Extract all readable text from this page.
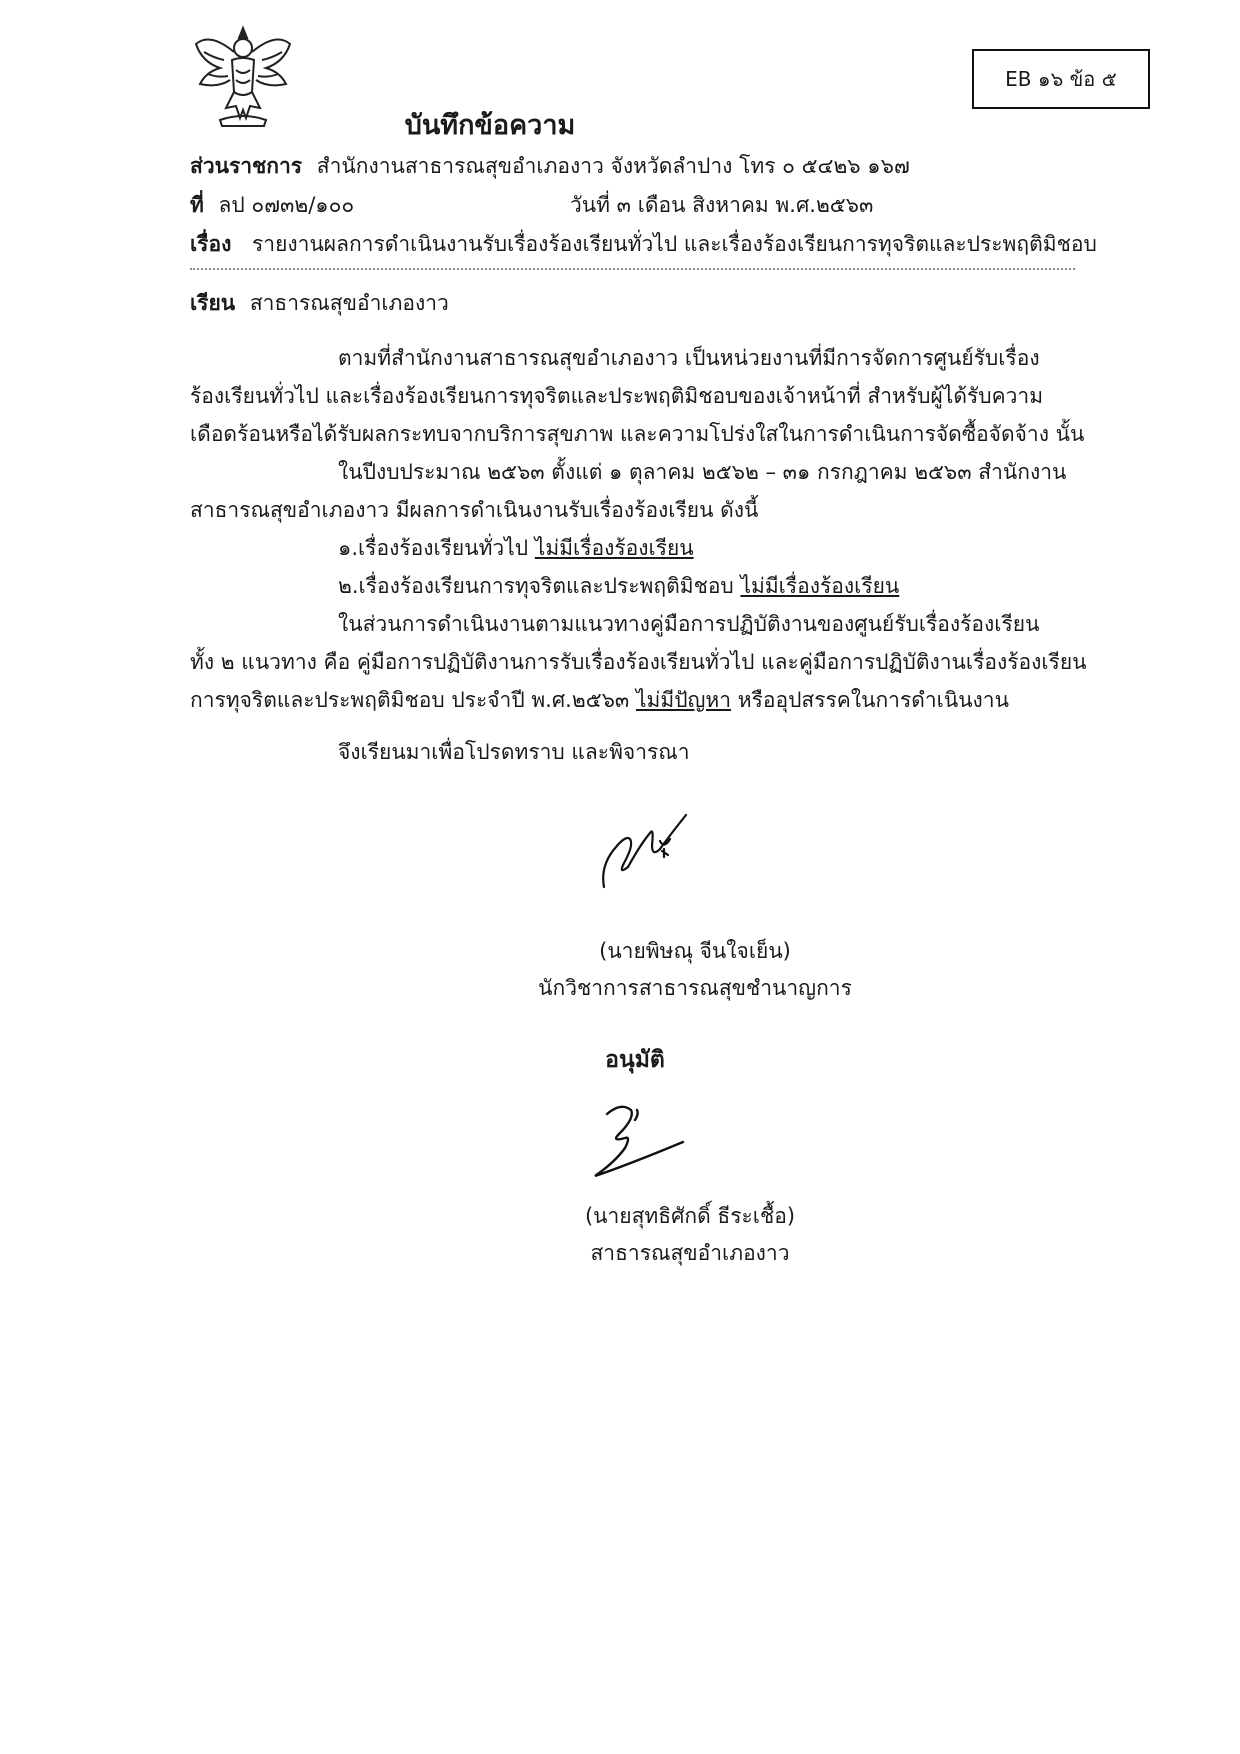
EB ๑๖ ข้อ ๕
บันทึกข้อความ
ส่วนราชการ สำนักงานสาธารณสุขอำเภองาว จังหวัดลำปาง โทร ๐ ๕๔๒๖ ๑๖๗
ที่ ลป ๐๗๓๒/๑๐๐	วันที่ ๓ เดือน สิงหาคม พ.ศ.๒๕๖๓
เรื่อง รายงานผลการดำเนินงานรับเรื่องร้องเรียนทั่วไป และเรื่องร้องเรียนการทุจริตและประพฤติมิชอบ
เรียน สาธารณสุขอำเภองาว
ตามที่สำนักงานสาธารณสุขอำเภองาว เป็นหน่วยงานที่มีการจัดการศูนย์รับเรื่อง
ร้องเรียนทั่วไป และเรื่องร้องเรียนการทุจริตและประพฤติมิชอบของเจ้าหน้าที่ สำหรับผู้ได้รับความ
เดือดร้อนหรือได้รับผลกระทบจากบริการสุขภาพ และความโปร่งใสในการดำเนินการจัดซื้อจัดจ้าง นั้น
ในปีงบประมาณ ๒๕๖๓ ตั้งแต่ ๑ ตุลาคม ๒๕๖๒ – ๓๑ กรกฎาคม ๒๕๖๓ สำนักงาน
สาธารณสุขอำเภองาว มีผลการดำเนินงานรับเรื่องร้องเรียน ดังนี้
๑.เรื่องร้องเรียนทั่วไป ไม่มีเรื่องร้องเรียน
๒.เรื่องร้องเรียนการทุจริตและประพฤติมิชอบ ไม่มีเรื่องร้องเรียน
ในส่วนการดำเนินงานตามแนวทางคู่มือการปฏิบัติงานของศูนย์รับเรื่องร้องเรียน
ทั้ง ๒ แนวทาง คือ คู่มือการปฏิบัติงานการรับเรื่องร้องเรียนทั่วไป และคู่มือการปฏิบัติงานเรื่องร้องเรียน
การทุจริตและประพฤติมิชอบ ประจำปี พ.ศ.๒๕๖๓ ไม่มีปัญหา หรืออุปสรรคในการดำเนินงาน
จึงเรียนมาเพื่อโปรดทราบ และพิจารณา
(นายพิษณุ จีนใจเย็น)
นักวิชาการสาธารณสุขชำนาญการ
อนุมัติ
(นายสุทธิศักดิ์ ธีระเชื้อ)
สาธารณสุขอำเภองาว
